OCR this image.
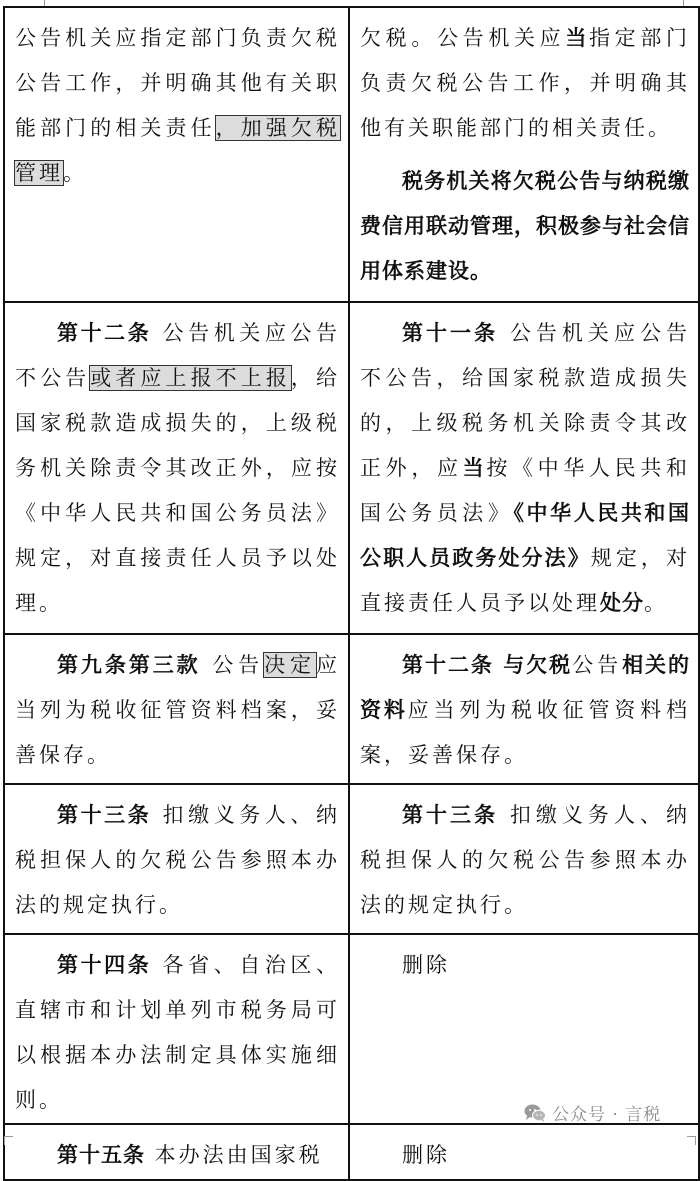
公告机关应指定部门负责欠税公告工作，并明确其他有关职能部门的相关责任，加强欠税管理。	欠税。公告机关应当指定部门负责欠税公告工作，并明确其他有关职能部门的相关责任。

税务机关将欠税公告与纳税缴费信用联动管理，积极参与社会信用体系建设。

第十二条 公告机关应公告不公告或者应上报不上报，给国家税款造成损失的，上级税务机关除责令其改正外，应按《中华人民共和国公务员法》规定，对直接责任人员予以处理。	第十一条 公告机关应公告不公告，给国家税款造成损失的，上级税务机关除责令其改正外，应当按《中华人民共和国公务员法》《中华人民共和国公职人员政务处分法》规定，对直接责任人员予以处理处分。

第九条第三款 公告决定应当列为税收征管资料档案，妥善保存。	第十二条 与欠税公告相关的资料应当列为税收征管资料档案，妥善保存。

第十三条 扣缴义务人、纳税担保人的欠税公告参照本办法的规定执行。	第十三条 扣缴义务人、纳税担保人的欠税公告参照本办法的规定执行。

第十四条 各省、自治区、直辖市和计划单列市税务局可以根据本办法制定具体实施细则。	删除

第十五条 本办法由国家税	删除

公众号 · 言税
